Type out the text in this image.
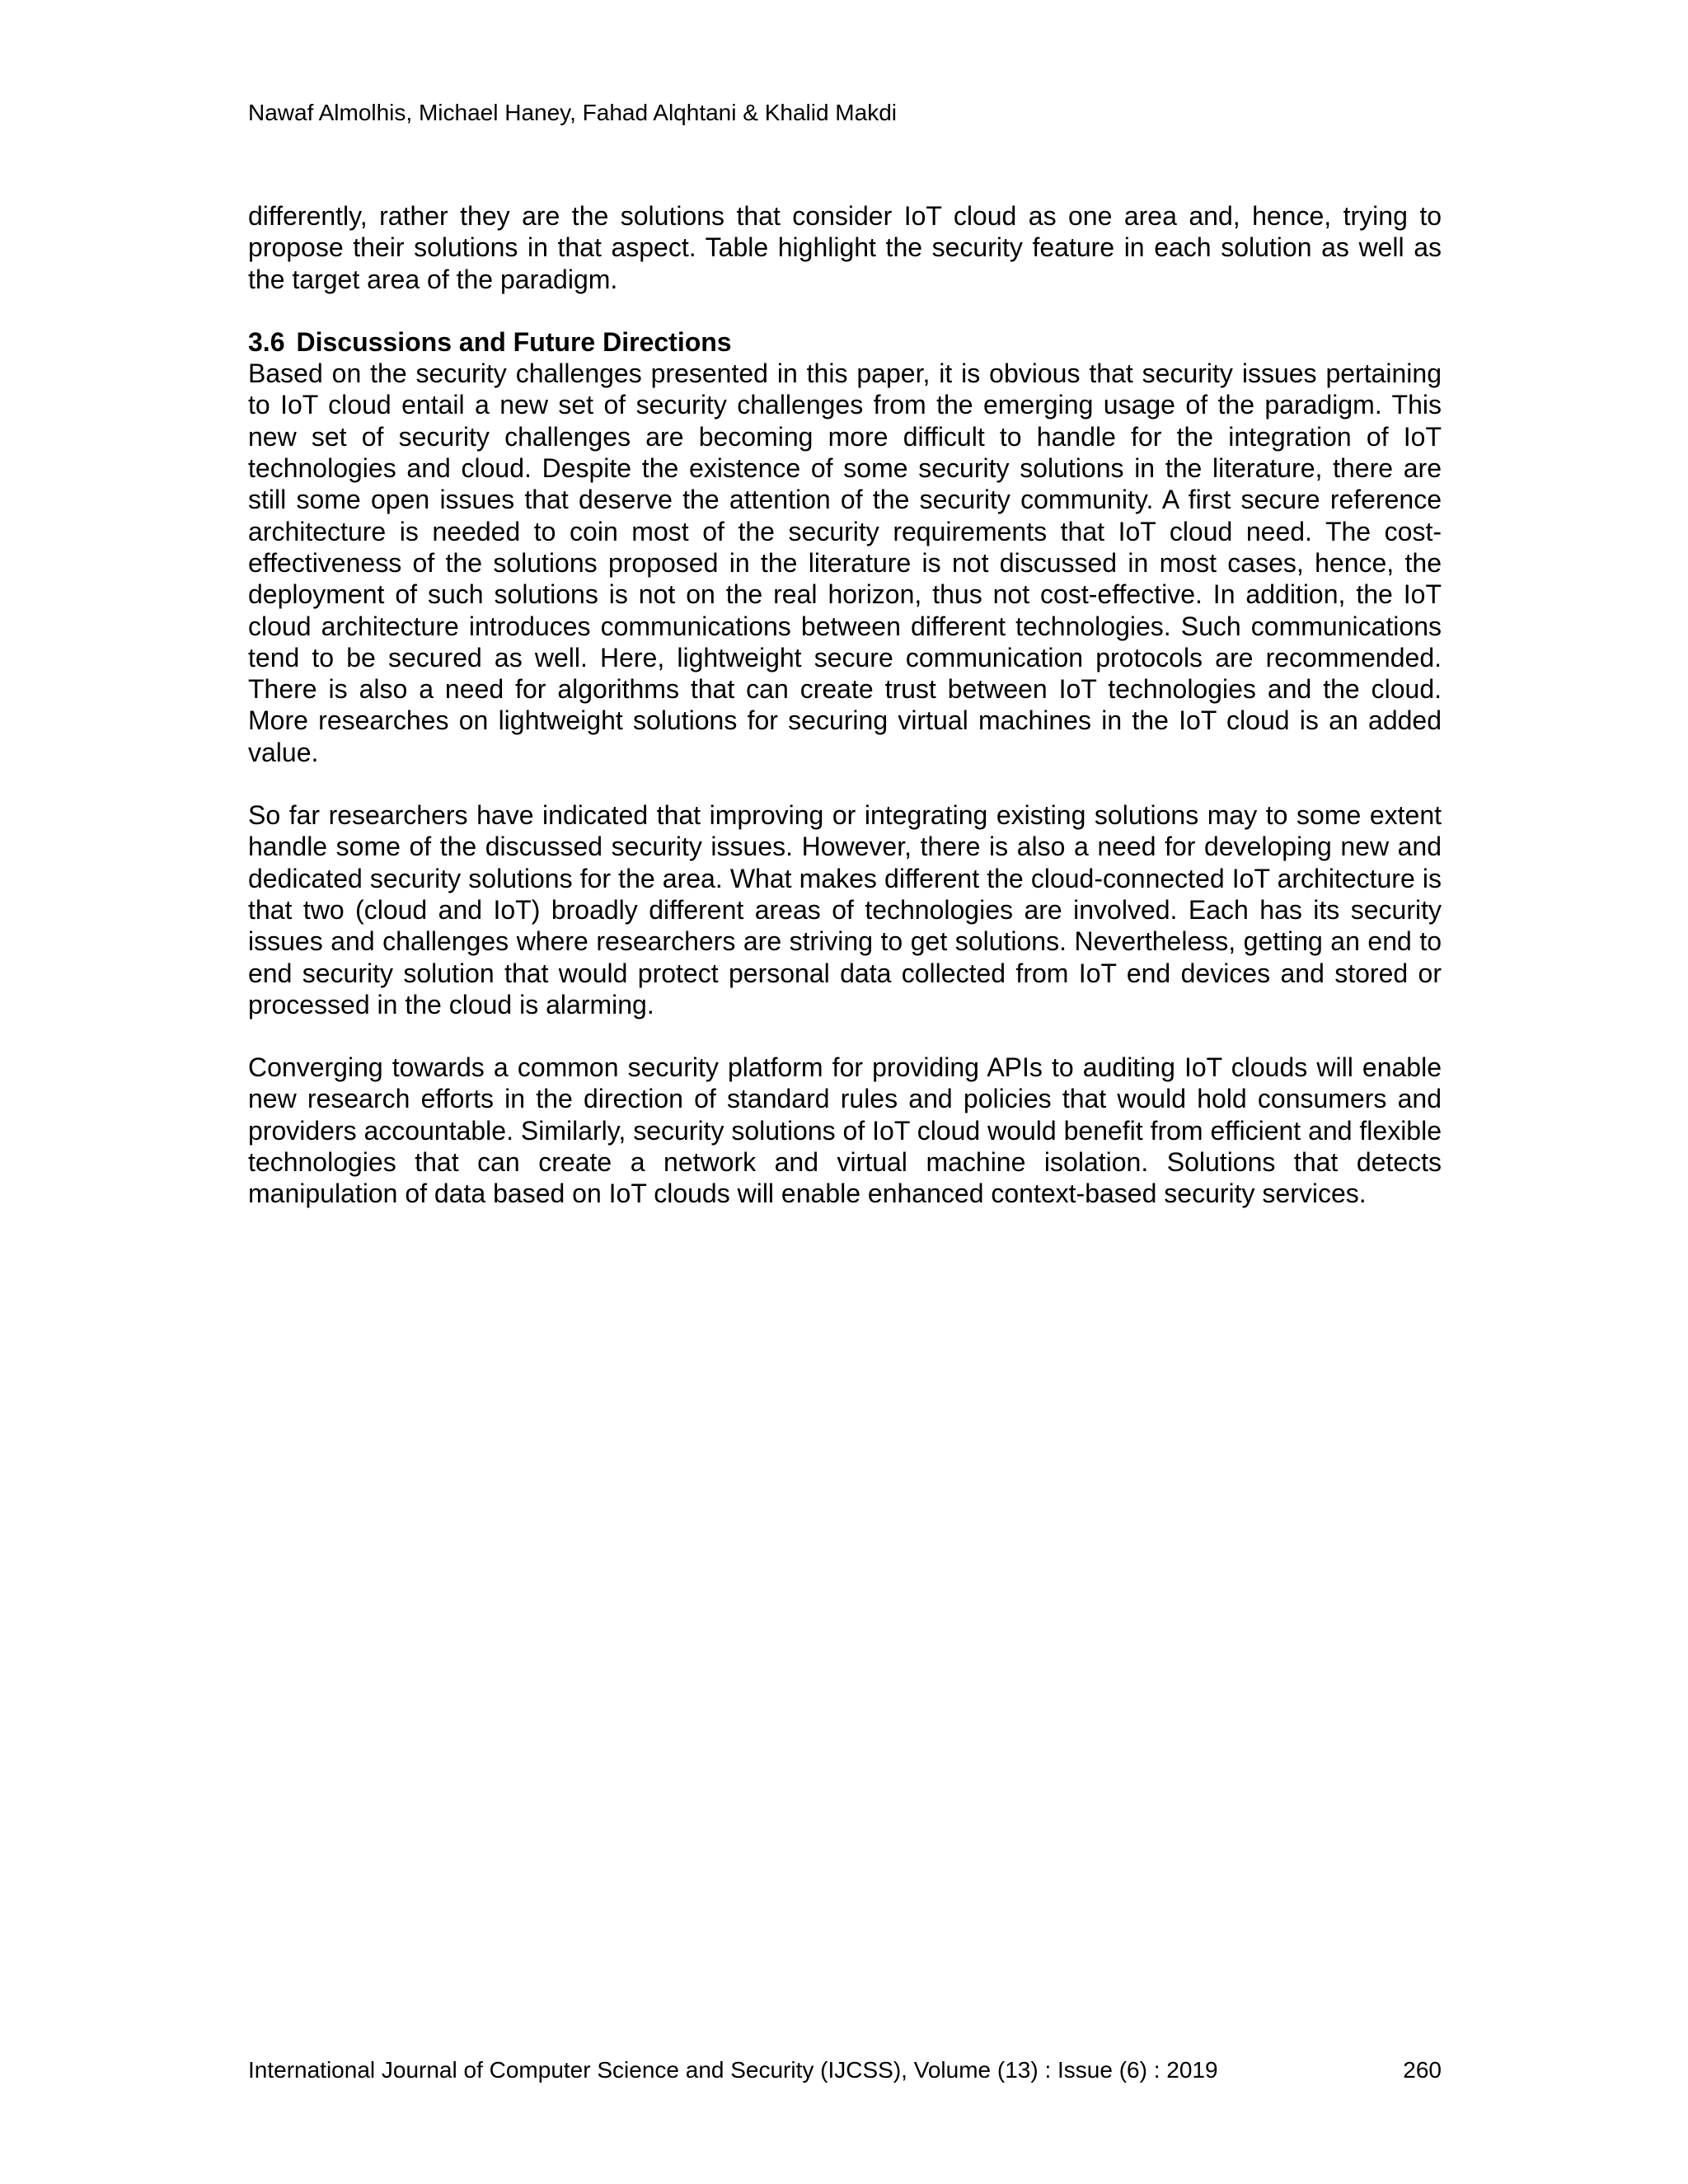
Nawaf Almolhis, Michael Haney, Fahad Alqhtani & Khalid Makdi

differently, rather they are the solutions that consider IoT cloud as one area and, hence, trying to propose their solutions in that aspect. Table highlight the security feature in each solution as well as the target area of the paradigm.

3.6 Discussions and Future Directions

Based on the security challenges presented in this paper, it is obvious that security issues pertaining to IoT cloud entail a new set of security challenges from the emerging usage of the paradigm. This new set of security challenges are becoming more difficult to handle for the integration of IoT technologies and cloud. Despite the existence of some security solutions in the literature, there are still some open issues that deserve the attention of the security community. A first secure reference architecture is needed to coin most of the security requirements that IoT cloud need. The cost-effectiveness of the solutions proposed in the literature is not discussed in most cases, hence, the deployment of such solutions is not on the real horizon, thus not cost-effective. In addition, the IoT cloud architecture introduces communications between different technologies. Such communications tend to be secured as well. Here, lightweight secure communication protocols are recommended. There is also a need for algorithms that can create trust between IoT technologies and the cloud. More researches on lightweight solutions for securing virtual machines in the IoT cloud is an added value.

So far researchers have indicated that improving or integrating existing solutions may to some extent handle some of the discussed security issues. However, there is also a need for developing new and dedicated security solutions for the area. What makes different the cloud-connected IoT architecture is that two (cloud and IoT) broadly different areas of technologies are involved. Each has its security issues and challenges where researchers are striving to get solutions. Nevertheless, getting an end to end security solution that would protect personal data collected from IoT end devices and stored or processed in the cloud is alarming.

Converging towards a common security platform for providing APIs to auditing IoT clouds will enable new research efforts in the direction of standard rules and policies that would hold consumers and providers accountable. Similarly, security solutions of IoT cloud would benefit from efficient and flexible technologies that can create a network and virtual machine isolation. Solutions that detects manipulation of data based on IoT clouds will enable enhanced context-based security services.

International Journal of Computer Science and Security (IJCSS), Volume (13) : Issue (6) : 2019	260
